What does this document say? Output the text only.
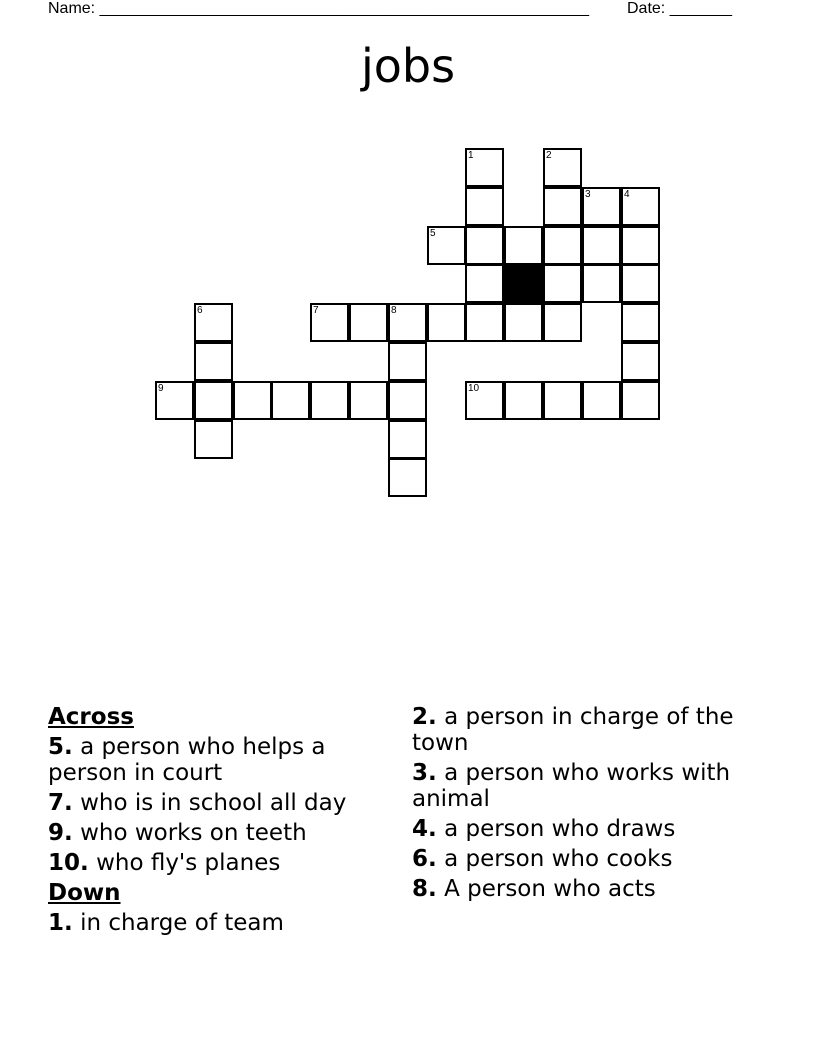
Name: _______________________________________________________ Date: _______
jobs
1	2
3	4
5
6	7	8
9	10
Across
5. a person who helps a person in court
7. who is in school all day
9. who works on teeth
10. who fly's planes
Down
1. in charge of team
2. a person in charge of the town
3. a person who works with animal
4. a person who draws
6. a person who cooks
8. A person who acts
